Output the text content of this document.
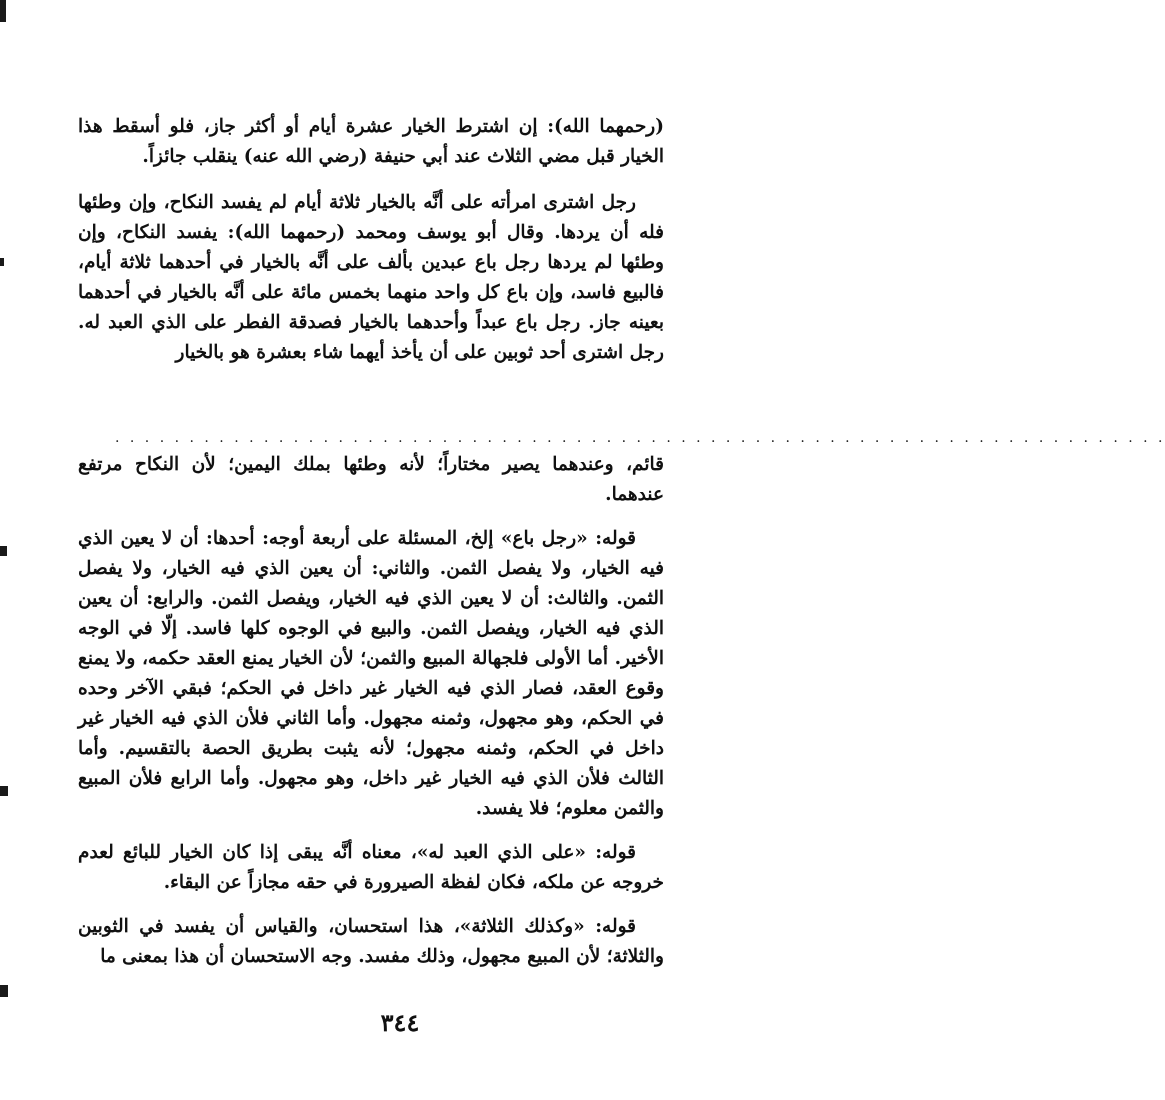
(رحمهما الله): إن اشترط الخيار عشرة أيام أو أكثر جاز، فلو أسقط هذا الخيار قبل مضي الثلاث عند أبي حنيفة (رضي الله عنه) ينقلب جائزاً.

رجل اشترى امرأته على أنَّه بالخيار ثلاثة أيام لم يفسد النكاح، وإن وطئها فله أن يردها. وقال أبو يوسف ومحمد (رحمهما الله): يفسد النكاح، وإن وطئها لم يردها رجل باع عبدين بألف على أنَّه بالخيار في أحدهما ثلاثة أيام، فالبيع فاسد، وإن باع كل واحد منهما بخمس مائة على أنَّه بالخيار في أحدهما بعينه جاز. رجل باع عبداً وأحدهما بالخيار فصدقة الفطر على الذي العبد له. رجل اشترى أحد ثوبين على أن يأخذ أيهما شاء بعشرة هو بالخيار

. . . . . . . . . . . . . . . . . . . . . . . . . . . . . . . . . . . . . . . . . . . . . . . . . . . . . . . . . . . . . . . . . . . . . . .

قائم، وعندهما يصير مختاراً؛ لأنه وطئها بملك اليمين؛ لأن النكاح مرتفع عندهما.

قوله: «رجل باع» إلخ، المسئلة على أربعة أوجه: أحدها: أن لا يعين الذي فيه الخيار، ولا يفصل الثمن. والثاني: أن يعين الذي فيه الخيار، ولا يفصل الثمن. والثالث: أن لا يعين الذي فيه الخيار، ويفصل الثمن. والرابع: أن يعين الذي فيه الخيار، ويفصل الثمن. والبيع في الوجوه كلها فاسد. إلّا في الوجه الأخير. أما الأولى فلجهالة المبيع والثمن؛ لأن الخيار يمنع العقد حكمه، ولا يمنع وقوع العقد، فصار الذي فيه الخيار غير داخل في الحكم؛ فبقي الآخر وحده في الحكم، وهو مجهول، وثمنه مجهول. وأما الثاني فلأن الذي فيه الخيار غير داخل في الحكم، وثمنه مجهول؛ لأنه يثبت بطريق الحصة بالتقسيم. وأما الثالث فلأن الذي فيه الخيار غير داخل، وهو مجهول. وأما الرابع فلأن المبيع والثمن معلوم؛ فلا يفسد.

قوله: «على الذي العبد له»، معناه أنَّه يبقى إذا كان الخيار للبائع لعدم خروجه عن ملكه، فكان لفظة الصيرورة في حقه مجازاً عن البقاء.

قوله: «وكذلك الثلاثة»، هذا استحسان، والقياس أن يفسد في الثوبين والثلاثة؛ لأن المبيع مجهول، وذلك مفسد. وجه الاستحسان أن هذا بمعنى ما

٣٤٤
